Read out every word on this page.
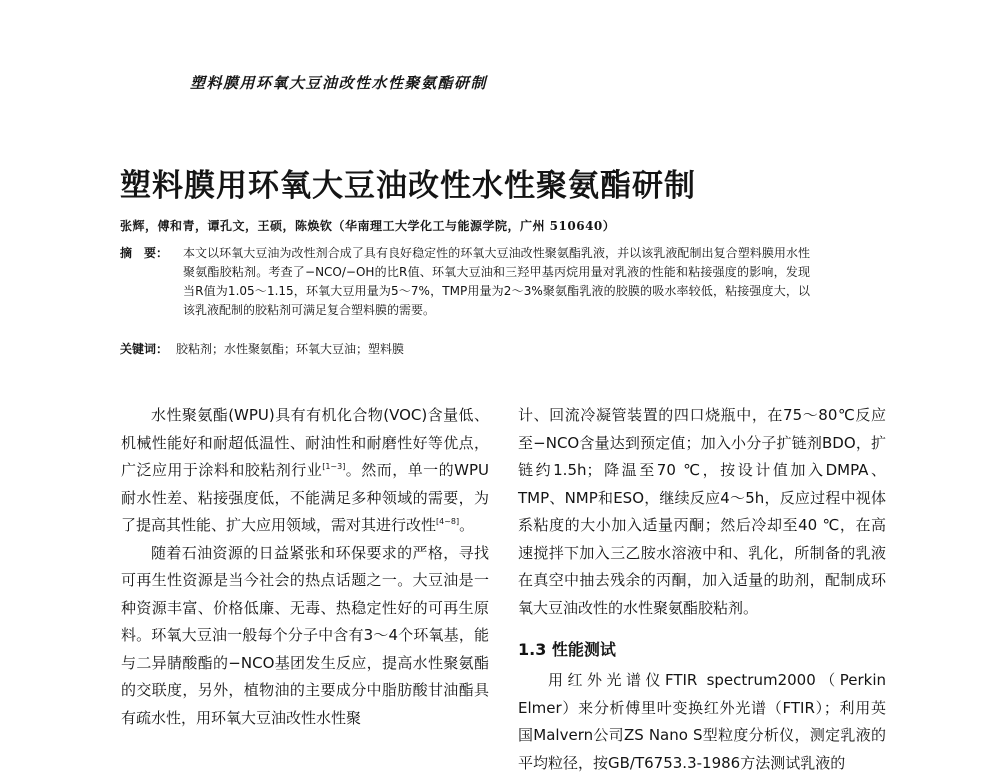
塑料膜用环氧大豆油改性水性聚氨酯研制
塑料膜用环氧大豆油改性水性聚氨酯研制
张辉，傅和青，谭孔文，王硕，陈焕钦（华南理工大学化工与能源学院，广州 510640）
摘　要：	本文以环氧大豆油为改性剂合成了具有良好稳定性的环氧大豆油改性聚氨酯乳液，并以该乳液配制出复合塑料膜用水性聚氨酯胶粘剂。考查了−NCO/−OH的比R值、环氧大豆油和三羟甲基丙烷用量对乳液的性能和粘接强度的影响，发现当R值为1.05～1.15，环氧大豆用量为5～7%，TMP用量为2～3%聚氨酯乳液的胶膜的吸水率较低，粘接强度大，以该乳液配制的胶粘剂可满足复合塑料膜的需要。
关键词： 胶粘剂；水性聚氨酯；环氧大豆油；塑料膜

水性聚氨酯(WPU)具有有机化合物(VOC)含量低、机械性能好和耐超低温性、耐油性和耐磨性好等优点，广泛应用于涂料和胶粘剂行业[1~3]。然而，单一的WPU耐水性差、粘接强度低，不能满足多种领域的需要，为了提高其性能、扩大应用领域，需对其进行改性[4~8]。

随着石油资源的日益紧张和环保要求的严格，寻找可再生性资源是当今社会的热点话题之一。大豆油是一种资源丰富、价格低廉、无毒、热稳定性好的可再生原料。环氧大豆油一般每个分子中含有3～4个环氧基，能与二异腈酸酯的−NCO基团发生反应，提高水性聚氨酯的交联度，另外，植物油的主要成分中脂肪酸甘油酯具有疏水性，用环氧大豆油改性水性聚

计、回流冷凝管装置的四口烧瓶中，在75～80℃反应至−NCO含量达到预定值；加入小分子扩链剂BDO，扩链约1.5h；降温至70 ℃，按设计值加入DMPA、TMP、NMP和ESO，继续反应4～5h，反应过程中视体系粘度的大小加入适量丙酮；然后冷却至40 ℃，在高速搅拌下加入三乙胺水溶液中和、乳化，所制备的乳液在真空中抽去残余的丙酮，加入适量的助剂，配制成环氧大豆油改性的水性聚氨酯胶粘剂。

1.3 性能测试

用红外光谱仪FTIR spectrum2000（Perkin Elmer）来分析傅里叶变换红外光谱（FTIR）；利用英国Malvern公司ZS Nano S型粒度分析仪，测定乳液的平均粒径，按GB/T6753.3-1986方法测试乳液的
